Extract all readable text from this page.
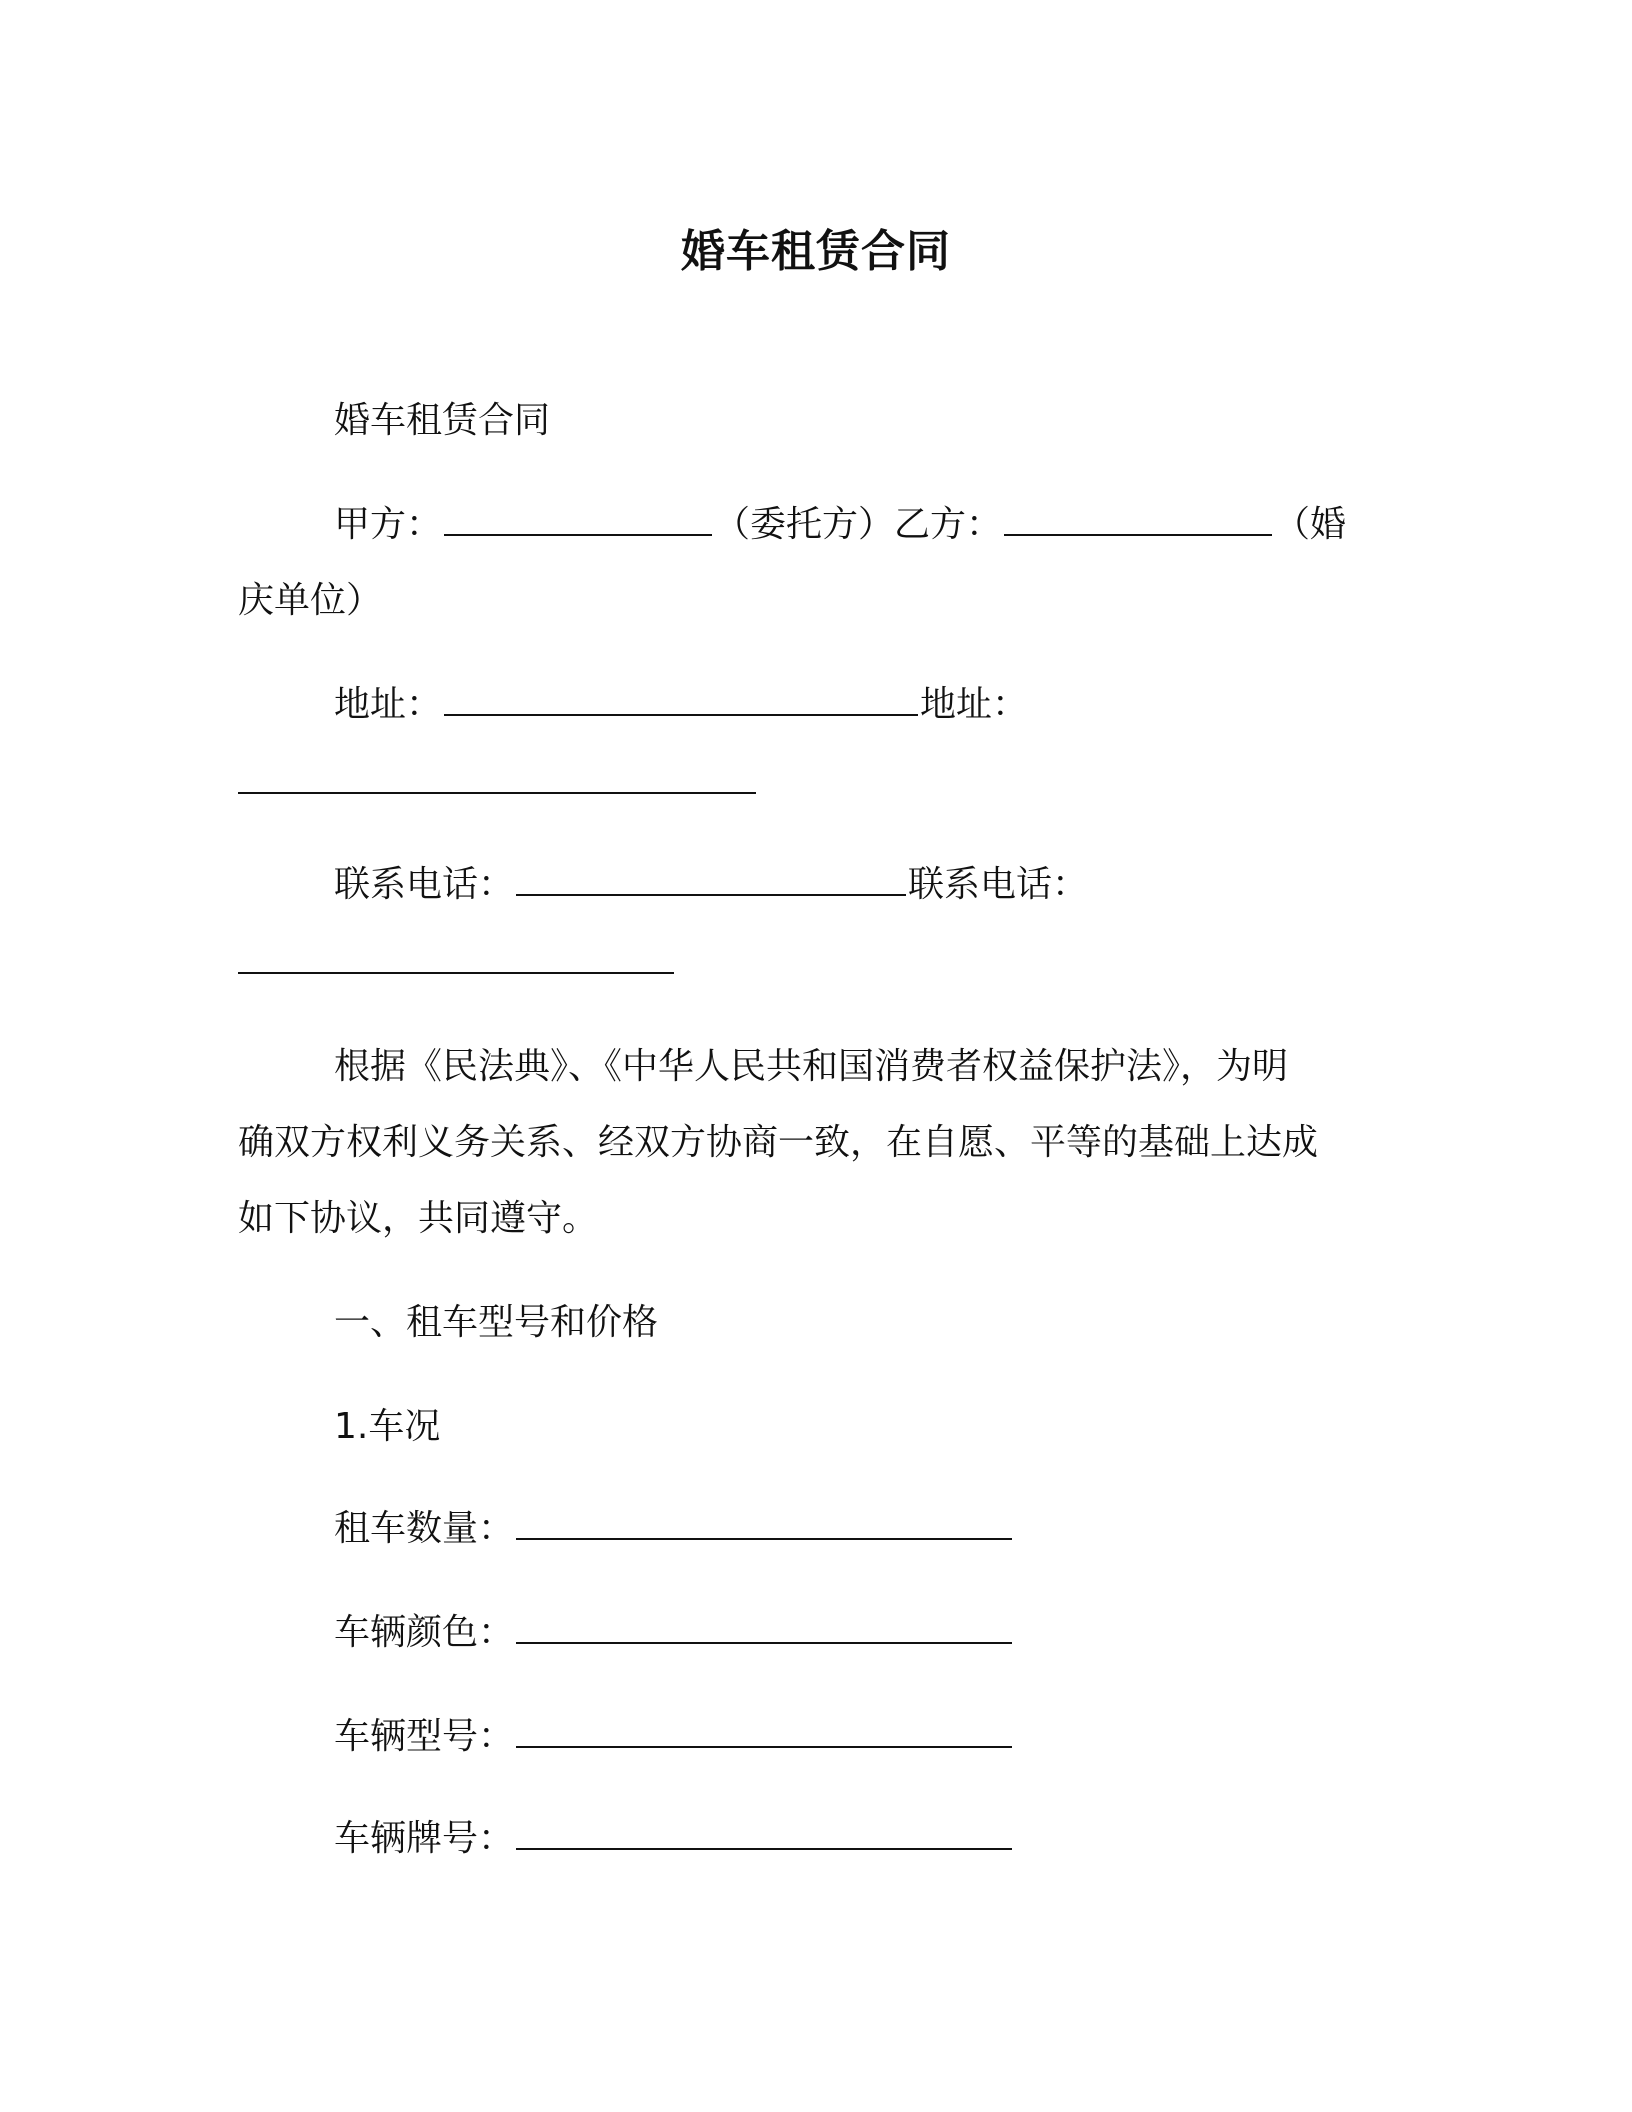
婚车租赁合同
婚车租赁合同
甲方：	（委托方）乙方：	（婚
庆单位）
地址：	地址：
联系电话：	联系电话：
根据《民法典》、《中华人民共和国消费者权益保护法》，为明
确双方权利义务关系、经双方协商一致，在自愿、平等的基础上达成
如下协议，共同遵守。
一、租车型号和价格
1.车况
租车数量：
车辆颜色：
车辆型号：
车辆牌号：
